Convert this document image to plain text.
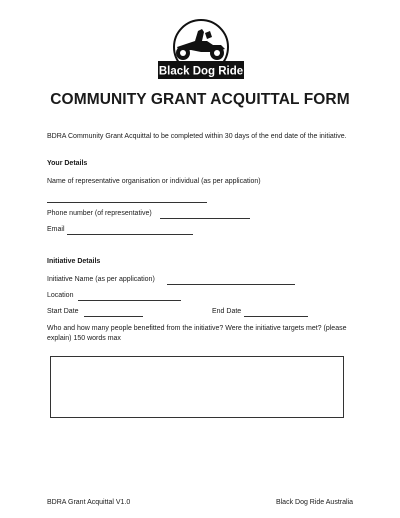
Black Dog Ride
COMMUNITY GRANT ACQUITTAL FORM
BDRA Community Grant Acquittal to be completed within 30 days of the end date of the initiative.
Your Details
Name of representative organisation or individual (as per application)
Phone number (of representative)
Email
Initiative Details
Initiative Name (as per application)
Location
Start Date	End Date
Who and how many people benefitted from the initiative? Were the initiative targets met? (please explain) 150 words max
BDRA Grant Acquittal V1.0	Black Dog Ride Australia
